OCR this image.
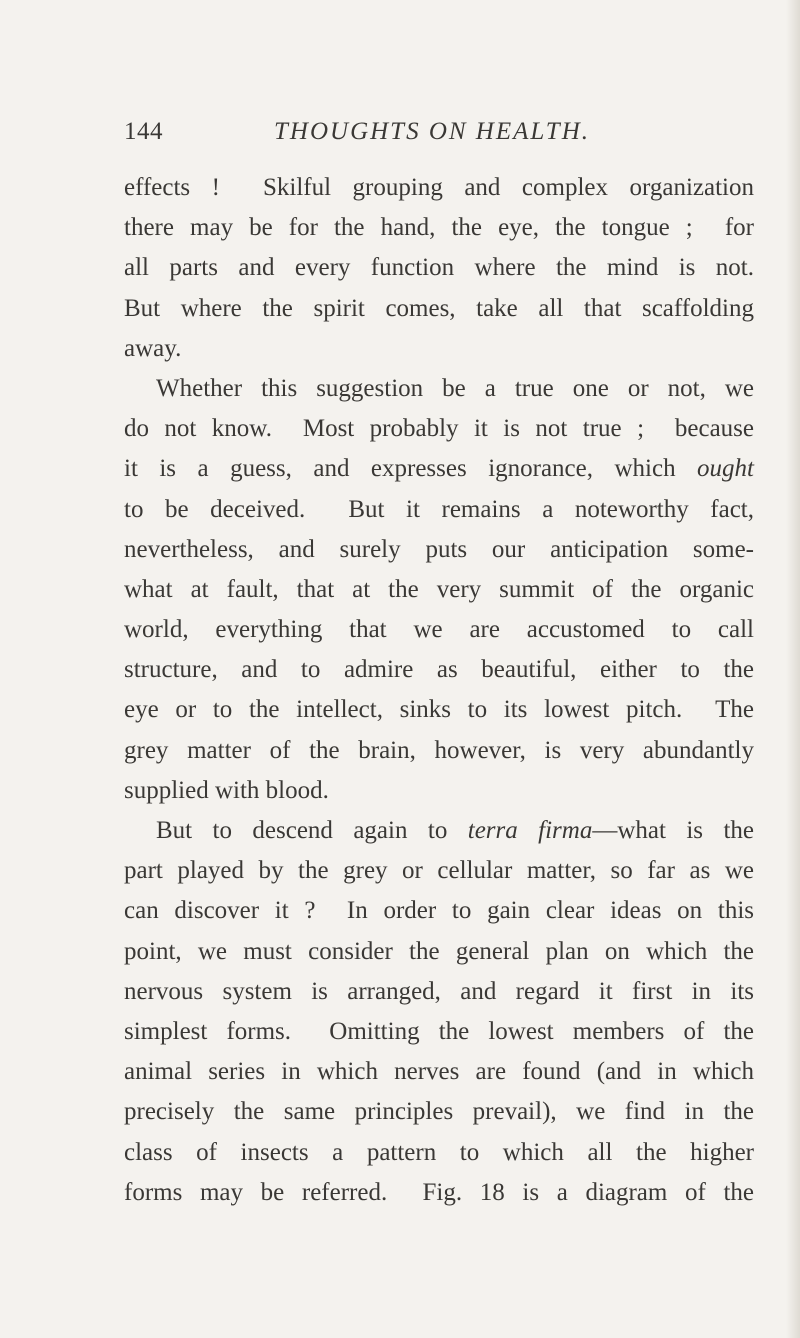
144	THOUGHTS ON HEALTH.
effects !  Skilful grouping and complex organization
there may be for the hand, the eye, the tongue ;  for
all parts and every function where the mind is not.
But where the spirit comes, take all that scaffolding
away.
Whether this suggestion be a true one or not, we
do not know.  Most probably it is not true ;  because
it is a guess, and expresses ignorance, which ought
to be deceived.  But it remains a noteworthy fact,
nevertheless, and surely puts our anticipation some-
what at fault, that at the very summit of the organic
world, everything that we are accustomed to call
structure, and to admire as beautiful, either to the
eye or to the intellect, sinks to its lowest pitch.  The
grey matter of the brain, however, is very abundantly
supplied with blood.
But to descend again to terra firma—what is the
part played by the grey or cellular matter, so far as we
can discover it ?  In order to gain clear ideas on this
point, we must consider the general plan on which the
nervous system is arranged, and regard it first in its
simplest forms.  Omitting the lowest members of the
animal series in which nerves are found (and in which
precisely the same principles prevail), we find in the
class of insects a pattern to which all the higher
forms may be referred.  Fig. 18 is a diagram of the
